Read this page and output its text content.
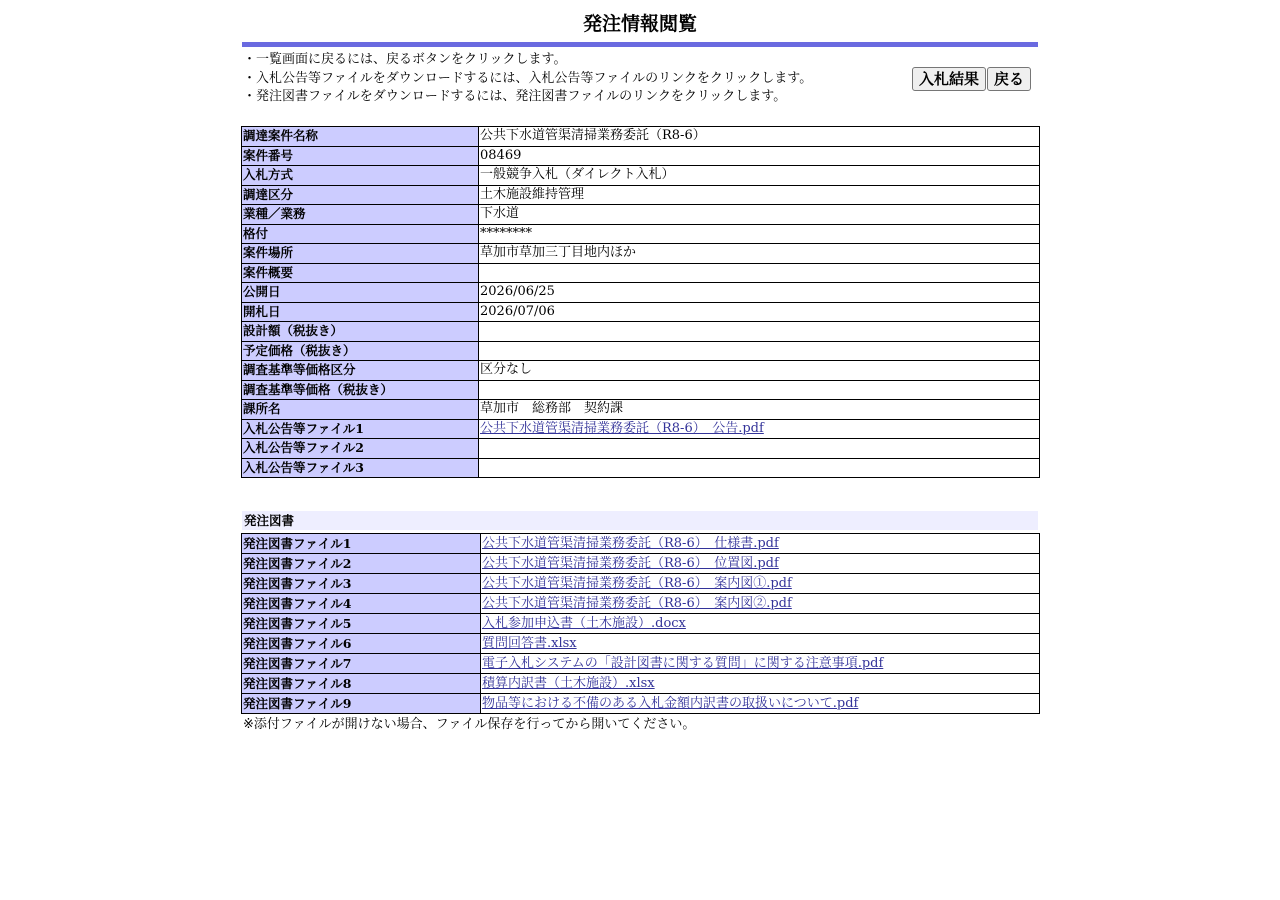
発注情報閲覧
・一覧画面に戻るには、戻るボタンをクリックします。
・入札公告等ファイルをダウンロードするには、入札公告等ファイルのリンクをクリックします。
・発注図書ファイルをダウンロードするには、発注図書ファイルのリンクをクリックします。
入札結果 戻る
調達案件名称	公共下水道管渠清掃業務委託（R8-6）
案件番号	08469
入札方式	一般競争入札（ダイレクト入札）
調達区分	土木施設維持管理
業種／業務	下水道
格付	********
案件場所	草加市草加三丁目地内ほか
案件概要	
公開日	2026/06/25
開札日	2026/07/06
設計額（税抜き）	
予定価格（税抜き）	
調査基準等価格区分	区分なし
調査基準等価格（税抜き）	
課所名	草加市　総務部　契約課
入札公告等ファイル1	公共下水道管渠清掃業務委託（R8-6）　公告.pdf
入札公告等ファイル2	
入札公告等ファイル3	
発注図書
発注図書ファイル1	公共下水道管渠清掃業務委託（R8-6）　仕様書.pdf
発注図書ファイル2	公共下水道管渠清掃業務委託（R8-6）　位置図.pdf
発注図書ファイル3	公共下水道管渠清掃業務委託（R8-6）　案内図①.pdf
発注図書ファイル4	公共下水道管渠清掃業務委託（R8-6）　案内図②.pdf
発注図書ファイル5	入札参加申込書（土木施設）.docx
発注図書ファイル6	質問回答書.xlsx
発注図書ファイル7	電子入札システムの「設計図書に関する質問」に関する注意事項.pdf
発注図書ファイル8	積算内訳書（土木施設）.xlsx
発注図書ファイル9	物品等における不備のある入札金額内訳書の取扱いについて.pdf
※添付ファイルが開けない場合、ファイル保存を行ってから開いてください。
